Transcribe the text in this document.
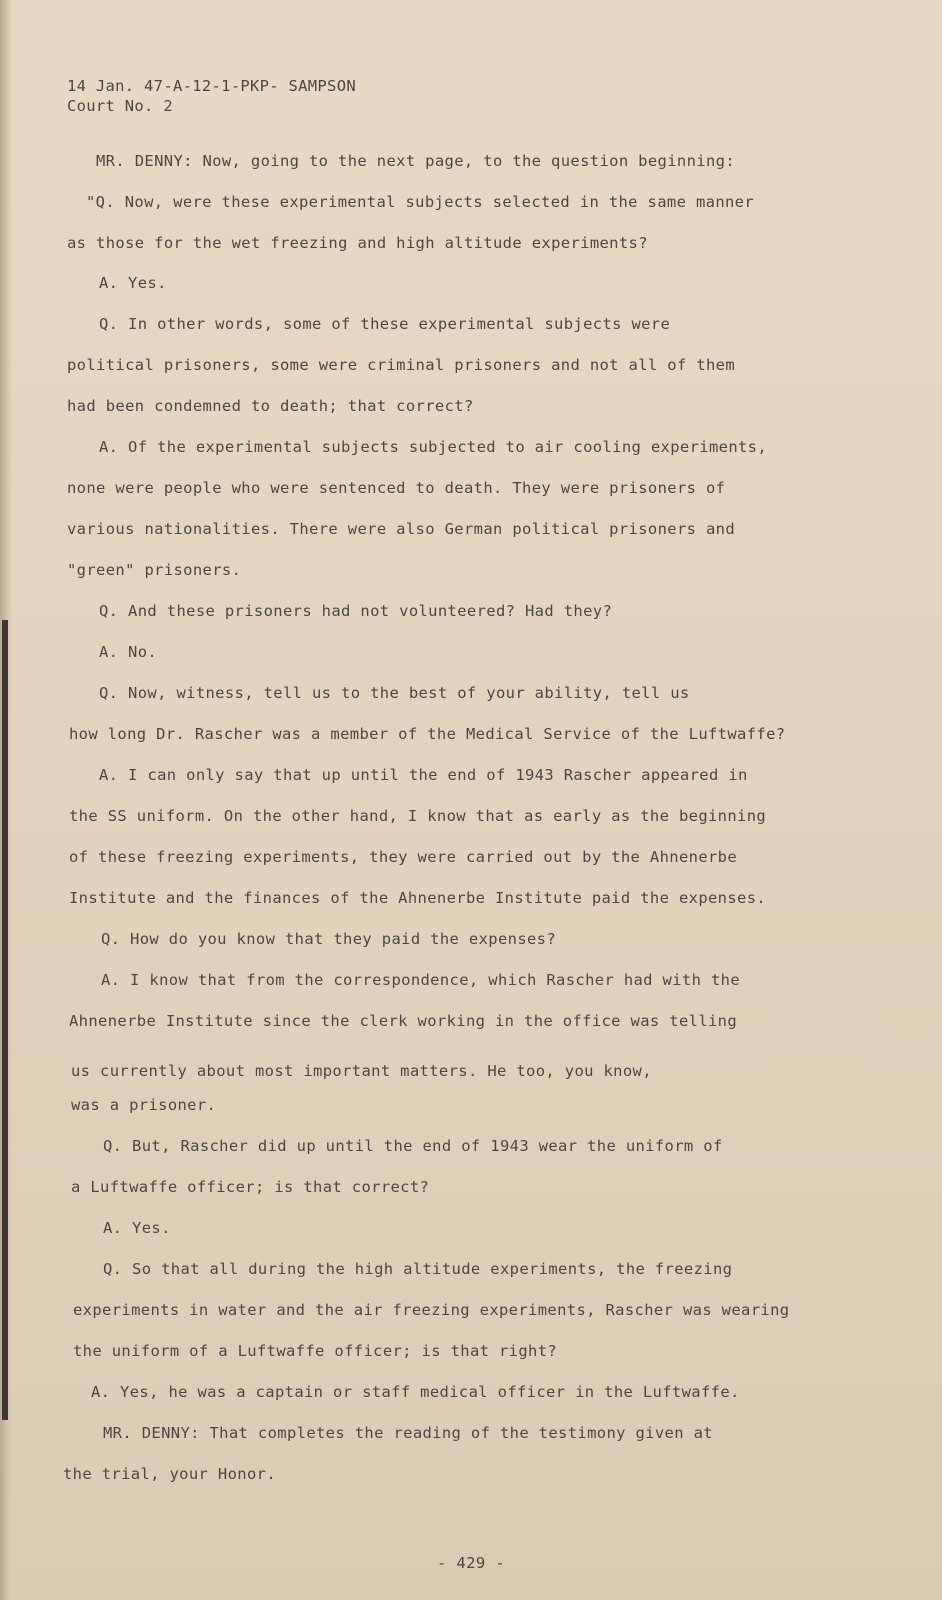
14 Jan. 47-A-12-1-PKP- SAMPSON
Court No. 2
MR. DENNY: Now, going to the next page, to the question beginning:
"Q. Now, were these experimental subjects selected in the same manner
as those for the wet freezing and high altitude experiments?
A. Yes.
Q. In other words, some of these experimental subjects were
political prisoners, some were criminal prisoners and not all of them
had been condemned to death; that correct?
A. Of the experimental subjects subjected to air cooling experiments,
none were people who were sentenced to death. They were prisoners of
various nationalities. There were also German political prisoners and
"green" prisoners.
Q. And these prisoners had not volunteered? Had they?
A. No.
Q. Now, witness, tell us to the best of your ability, tell us
how long Dr. Rascher was a member of the Medical Service of the Luftwaffe?
A. I can only say that up until the end of 1943 Rascher appeared in
the SS uniform. On the other hand, I know that as early as the beginning
of these freezing experiments, they were carried out by the Ahnenerbe
Institute and the finances of the Ahnenerbe Institute paid the expenses.
Q. How do you know that they paid the expenses?
A. I know that from the correspondence, which Rascher had with the
Ahnenerbe Institute since the clerk working in the office was telling
us currently about most important matters. He too, you know,
was a prisoner.
Q. But, Rascher did up until the end of 1943 wear the uniform of
a Luftwaffe officer; is that correct?
A. Yes.
Q. So that all during the high altitude experiments, the freezing
experiments in water and the air freezing experiments, Rascher was wearing
the uniform of a Luftwaffe officer; is that right?
A. Yes, he was a captain or staff medical officer in the Luftwaffe.
MR. DENNY: That completes the reading of the testimony given at
the trial, your Honor.
- 429 -
